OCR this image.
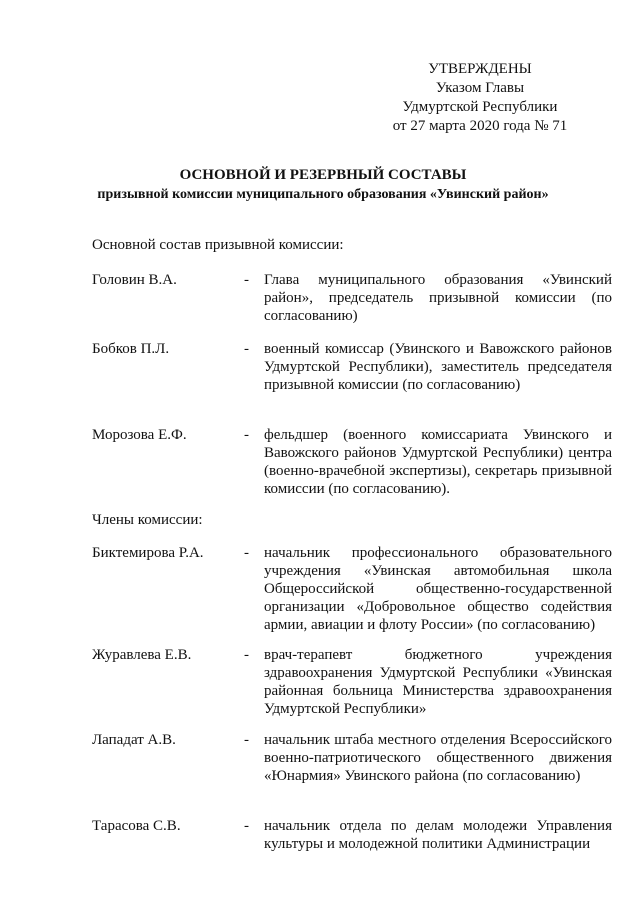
УТВЕРЖДЕНЫ
Указом Главы
Удмуртской Республики
от 27 марта 2020 года № 71
ОСНОВНОЙ И РЕЗЕРВНЫЙ СОСТАВЫ
призывной комиссии муниципального образования «Увинский район»
Основной состав призывной комиссии:
Головин В.А.	- Глава муниципального образования «Увинский район», председатель призывной комиссии (по согласованию)
Бобков П.Л.	- военный комиссар (Увинского и Вавожского районов Удмуртской Республики), заместитель председателя призывной комиссии (по согласованию)
Морозова Е.Ф.	- фельдшер (военного комиссариата Увинского и Вавожского районов Удмуртской Республики) центра (военно-врачебной экспертизы), секретарь призывной комиссии (по согласованию).
Члены комиссии:
Биктемирова Р.А.	- начальник профессионального образовательного учреждения «Увинская автомобильная школа Общероссийской общественно-государственной организации «Добровольное общество содействия армии, авиации и флоту России» (по согласованию)
Журавлева Е.В.	- врач-терапевт бюджетного учреждения здравоохранения Удмуртской Республики «Увинская районная больница Министерства здравоохранения Удмуртской Республики»
Лападат А.В.	- начальник штаба местного отделения Всероссийского военно-патриотического общественного движения «Юнармия» Увинского района (по согласованию)
Тарасова С.В.	- начальник отдела по делам молодежи Управления культуры и молодежной политики Администрации
